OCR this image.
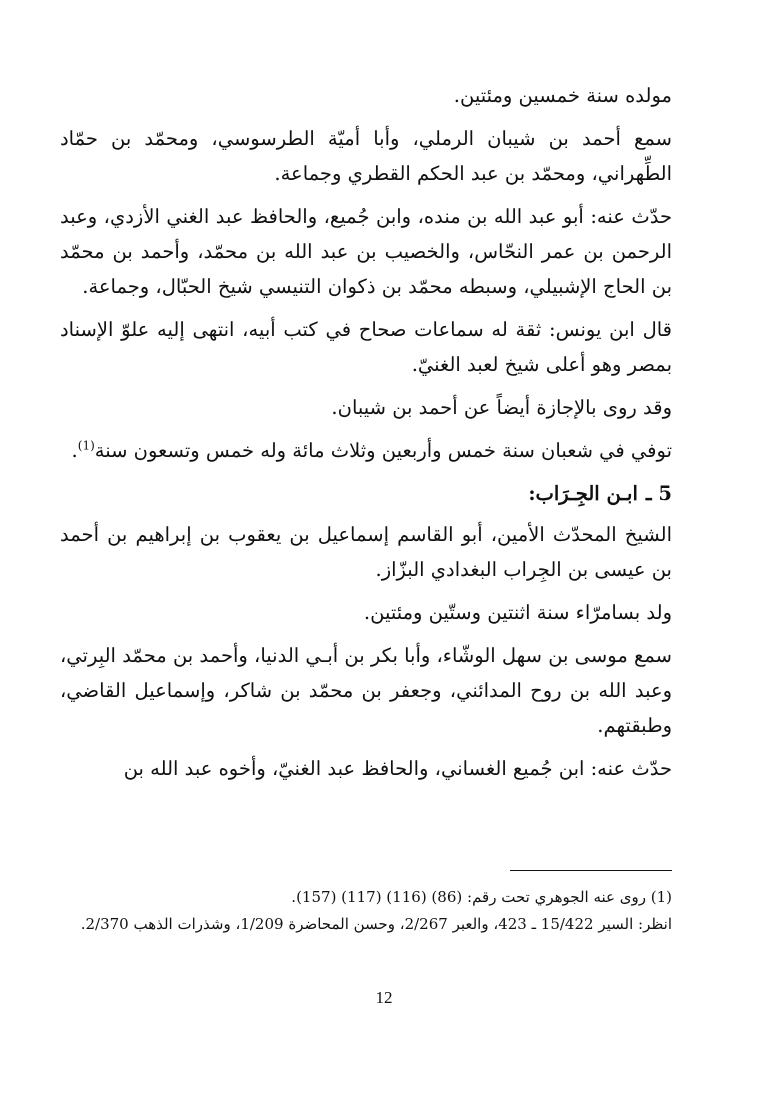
مولده سنة خمسين ومئتين.

سمع أحمد بن شيبان الرملي، وأبا أميّة الطرسوسي، ومحمّد بن حمّاد الطِّهراني، ومحمّد بن عبد الحكم القطري وجماعة.

حدّث عنه: أبو عبد الله بن منده، وابن جُميع، والحافظ عبد الغني الأزدي، وعبد الرحمن بن عمر النحّاس، والخصيب بن عبد الله بن محمّد، وأحمد بن محمّد بن الحاج الإشبيلي، وسبطه محمّد بن ذكوان التنيسي شيخ الحبّال، وجماعة.

قال ابن يونس: ثقة له سماعات صحاح في كتب أبيه، انتهى إليه علوّ الإسناد بمصر وهو أعلى شيخ لعبد الغنيّ.

وقد روى بالإجازة أيضاً عن أحمد بن شيبان.

توفي في شعبان سنة خمس وأربعين وثلاث مائة وله خمس وتسعون سنة$^{(1)}$.

5 ـ
ابـن الجِـرَاب:

الشيخ المحدّث الأمين، أبو القاسم إسماعيل بن يعقوب بن إبراهيم بن أحمد بن عيسى بن الجِراب البغدادي البزّاز.

ولد بسامرّاء سنة اثنتين وستّين ومئتين.

سمع موسى بن سهل الوشّاء، وأبا بكر بن أبـي الدنيا، وأحمد بن محمّد البِرتي، وعبد الله بن روح المدائني، وجعفر بن محمّد بن شاكر، وإسماعيل القاضي، وطبقتهم.

حدّث عنه: ابن جُميع الغساني، والحافظ عبد الغنيّ، وأخوه عبد الله بن

(1) روى عنه الجوهري تحت رقم: (86) (116) (117) (157).

انظر: السير 15/422 ـ 423، والعبر 2/267، وحسن المحاضرة 1/209، وشذرات الذهب 2/370.

12
